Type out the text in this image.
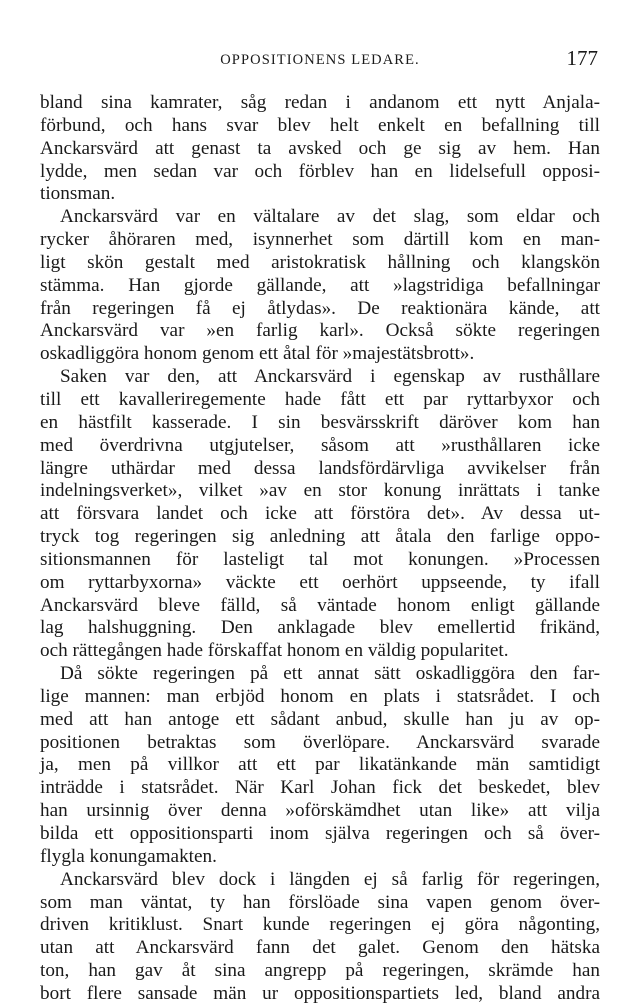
OPPOSITIONENS LEDARE.	177
bland sina kamrater, såg redan i andanom ett nytt Anjala-
förbund, och hans svar blev helt enkelt en befallning till
Anckarsvärd att genast ta avsked och ge sig av hem. Han
lydde, men sedan var och förblev han en lidelsefull opposi-
tionsman.
Anckarsvärd var en vältalare av det slag, som eldar och
rycker åhöraren med, isynnerhet som därtill kom en man-
ligt skön gestalt med aristokratisk hållning och klangskön
stämma. Han gjorde gällande, att »lagstridiga befallningar
från regeringen få ej åtlydas». De reaktionära kände, att
Anckarsvärd var »en farlig karl». Också sökte regeringen
oskadliggöra honom genom ett åtal för »majestätsbrott».
Saken var den, att Anckarsvärd i egenskap av rusthållare
till ett kavalleriregemente hade fått ett par ryttarbyxor och
en hästfilt kasserade. I sin besvärsskrift däröver kom han
med överdrivna utgjutelser, såsom att »rusthållaren icke
längre uthärdar med dessa landsfördärvliga avvikelser från
indelningsverket», vilket »av en stor konung inrättats i tanke
att försvara landet och icke att förstöra det». Av dessa ut-
tryck tog regeringen sig anledning att åtala den farlige oppo-
sitionsmannen för lasteligt tal mot konungen. »Processen
om ryttarbyxorna» väckte ett oerhört uppseende, ty ifall
Anckarsvärd bleve fälld, så väntade honom enligt gällande
lag halshuggning. Den anklagade blev emellertid frikänd,
och rättegången hade förskaffat honom en väldig popularitet.
Då sökte regeringen på ett annat sätt oskadliggöra den far-
lige mannen: man erbjöd honom en plats i statsrådet. I och
med att han antoge ett sådant anbud, skulle han ju av op-
positionen betraktas som överlöpare. Anckarsvärd svarade
ja, men på villkor att ett par likatänkande män samtidigt
inträdde i statsrådet. När Karl Johan fick det beskedet, blev
han ursinnig över denna »oförskämdhet utan like» att vilja
bilda ett oppositionsparti inom själva regeringen och så över-
flygla konungamakten.
Anckarsvärd blev dock i längden ej så farlig för regeringen,
som man väntat, ty han förslöade sina vapen genom över-
driven kritiklust. Snart kunde regeringen ej göra någonting,
utan att Anckarsvärd fann det galet. Genom den hätska
ton, han gav åt sina angrepp på regeringen, skrämde han
bort flere sansade män ur oppositionspartiets led, bland andra
